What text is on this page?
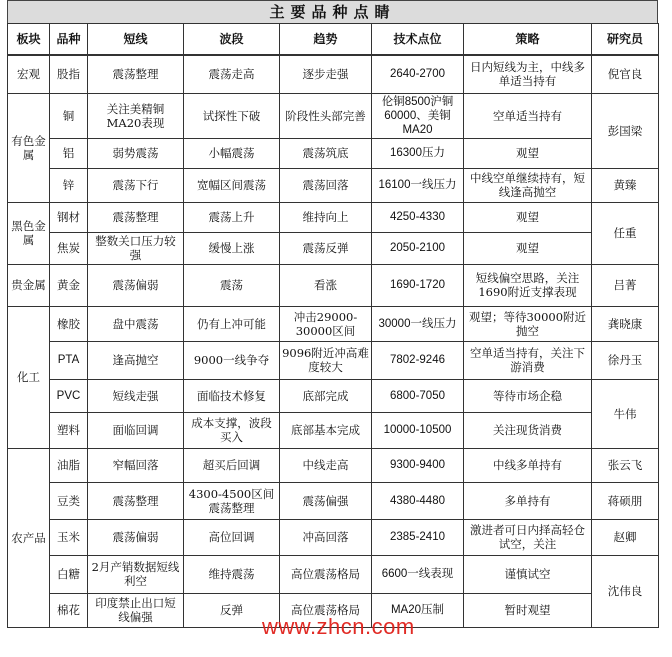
主要品种点睛
板块	品种	短线	波段	趋势	技术点位	策略	研究员
宏观	股指	震荡整理	震荡走高	逐步走强	2640-2700	日内短线为主，中线多单适当持有	倪官良
有色金属	铜	关注美精铜MA20表现	试探性下破	阶段性头部完善	伦铜8500沪铜60000、美铜MA20	空单适当持有	彭国梁
	铝	弱势震荡	小幅震荡	震荡筑底	16300压力	观望	
	锌	震荡下行	宽幅区间震荡	震荡回落	16100一线压力	中线空单继续持有，短线逢高抛空	黄臻
黑色金属	钢材	震荡整理	震荡上升	维持向上	4250-4330	观望	任重
	焦炭	整数关口压力较强	缓慢上涨	震荡反弹	2050-2100	观望	
贵金属	黄金	震荡偏弱	震荡	看涨	1690-1720	短线偏空思路，关注1690附近支撑表现	吕菁
化工	橡胶	盘中震荡	仍有上冲可能	冲击29000-30000区间	30000一线压力	观望；等待30000附近抛空	龚晓康
	PTA	逢高抛空	9000一线争夺	9096附近冲高难度较大	7802-9246	空单适当持有，关注下游消费	徐丹玉
	PVC	短线走强	面临技术修复	底部完成	6800-7050	等待市场企稳	牛伟
	塑料	面临回调	成本支撑，波段买入	底部基本完成	10000-10500	关注现货消费	
农产品	油脂	窄幅回落	超买后回调	中线走高	9300-9400	中线多单持有	张云飞
	豆类	震荡整理	4300-4500区间震荡整理	震荡偏强	4380-4480	多单持有	蒋硕朋
	玉米	震荡偏弱	高位回调	冲高回落	2385-2410	激进者可日内择高轻仓试空，关注	赵卿
	白糖	2月产销数据短线利空	维持震荡	高位震荡格局	6600一线表现	谨慎试空	沈伟良
	棉花	印度禁止出口短线偏强	反弹	高位震荡格局	MA20压制	暂时观望	
www.zhcn.com
